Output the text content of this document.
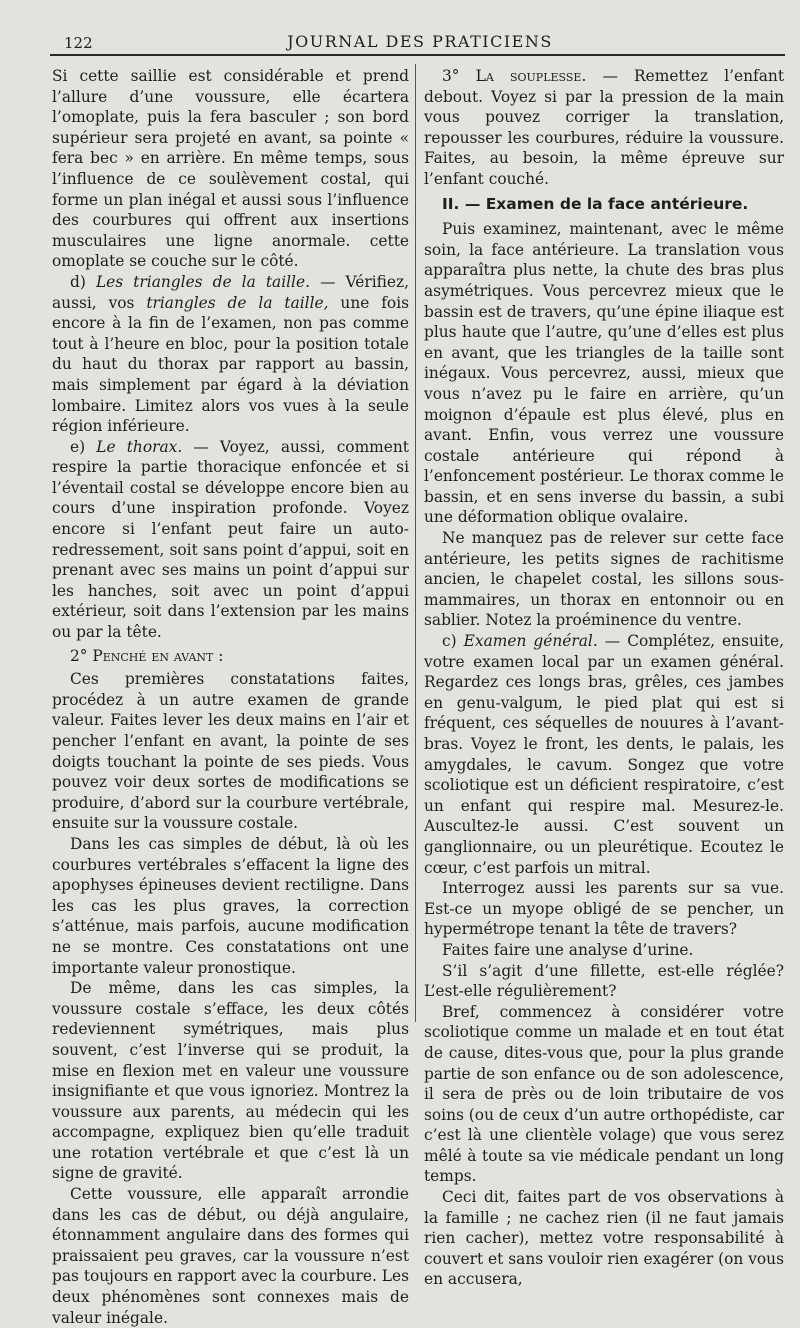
122	JOURNAL DES PRATICIENS

Si cette saillie est considérable et prend l’allure d’une voussure, elle écartera l’omoplate, puis la fera basculer ; son bord supérieur sera projeté en avant, sa pointe « fera bec » en arrière. En même temps, sous l’influence de ce soulèvement costal, qui forme un plan inégal et aussi sous l’influence des courbures qui offrent aux insertions musculaires une ligne anormale. cette omoplate se couche sur le côté.

d) Les triangles de la taille. — Vérifiez, aussi, vos triangles de la taille, une fois encore à la fin de l’examen, non pas comme tout à l’heure en bloc, pour la position totale du haut du thorax par rapport au bassin, mais simplement par égard à la déviation lombaire. Limitez alors vos vues à la seule région inférieure.

e) Le thorax. — Voyez, aussi, comment respire la partie thoracique enfoncée et si l’éventail costal se développe encore bien au cours d’une inspiration profonde. Voyez encore si l’enfant peut faire un auto-redressement, soit sans point d’appui, soit en prenant avec ses mains un point d’appui sur les hanches, soit avec un point d’appui extérieur, soit dans l’extension par les mains ou par la tête.

2° Penché en avant :

Ces premières constatations faites, procédez à un autre examen de grande valeur. Faites lever les deux mains en l’air et pencher l’enfant en avant, la pointe de ses doigts touchant la pointe de ses pieds. Vous pouvez voir deux sortes de modifications se produire, d’abord sur la courbure vertébrale, ensuite sur la voussure costale.

Dans les cas simples de début, là où les courbures vertébrales s’effacent la ligne des apophyses épineuses devient rectiligne. Dans les cas les plus graves, la correction s’atténue, mais parfois, aucune modification ne se montre. Ces constatations ont une importante valeur pronostique.

De même, dans les cas simples, la voussure costale s’efface, les deux côtés redeviennent symétriques, mais plus souvent, c’est l’inverse qui se produit, la mise en flexion met en valeur une voussure insignifiante et que vous ignoriez. Montrez la voussure aux parents, au médecin qui les accompagne, expliquez bien qu’elle traduit une rotation vertébrale et que c’est là un signe de gravité.

Cette voussure, elle apparaît arrondie dans les cas de début, ou déjà angulaire, étonnamment angulaire dans des formes qui praissaient peu graves, car la voussure n’est pas toujours en rapport avec la courbure. Les deux phénomènes sont connexes mais de valeur inégale.

3° La souplesse. — Remettez l’enfant debout. Voyez si par la pression de la main vous pouvez corriger la translation, repousser les courbures, réduire la voussure. Faites, au besoin, la même épreuve sur l’enfant couché.

II. — Examen de la face antérieure.

Puis examinez, maintenant, avec le même soin, la face antérieure. La translation vous apparaîtra plus nette, la chute des bras plus asymétriques. Vous percevrez mieux que le bassin est de travers, qu’une épine iliaque est plus haute que l’autre, qu’une d’elles est plus en avant, que les triangles de la taille sont inégaux. Vous percevrez, aussi, mieux que vous n’avez pu le faire en arrière, qu’un moignon d’épaule est plus élevé, plus en avant. Enfin, vous verrez une voussure costale antérieure qui répond à l’enfoncement postérieur. Le thorax comme le bassin, et en sens inverse du bassin, a subi une déformation oblique ovalaire.

Ne manquez pas de relever sur cette face antérieure, les petits signes de rachitisme ancien, le chapelet costal, les sillons sous-mammaires, un thorax en entonnoir ou en sablier. Notez la proéminence du ventre.

c) Examen général. — Complétez, ensuite, votre examen local par un examen général. Regardez ces longs bras, grêles, ces jambes en genu-valgum, le pied plat qui est si fréquent, ces séquelles de nouures à l’avant-bras. Voyez le front, les dents, le palais, les amygdales, le cavum. Songez que votre scoliotique est un déficient respiratoire, c’est un enfant qui respire mal. Mesurez-le. Auscultez-le aussi. C’est souvent un ganglionnaire, ou un pleurétique. Ecoutez le cœur, c’est parfois un mitral.

Interrogez aussi les parents sur sa vue. Est-ce un myope obligé de se pencher, un hypermétrope tenant la tête de travers?

Faites faire une analyse d’urine.

S’il s’agit d’une fillette, est-elle réglée? L’est-elle régulièrement?

Bref, commencez à considérer votre scoliotique comme un malade et en tout état de cause, dites-vous que, pour la plus grande partie de son enfance ou de son adolescence, il sera de près ou de loin tributaire de vos soins (ou de ceux d’un autre orthopédiste, car c’est là une clientèle volage) que vous serez mêlé à toute sa vie médicale pendant un long temps.

Ceci dit, faites part de vos observations à la famille ; ne cachez rien (il ne faut jamais rien cacher), mettez votre responsabilité à couvert et sans vouloir rien exagérer (on vous en accusera,
